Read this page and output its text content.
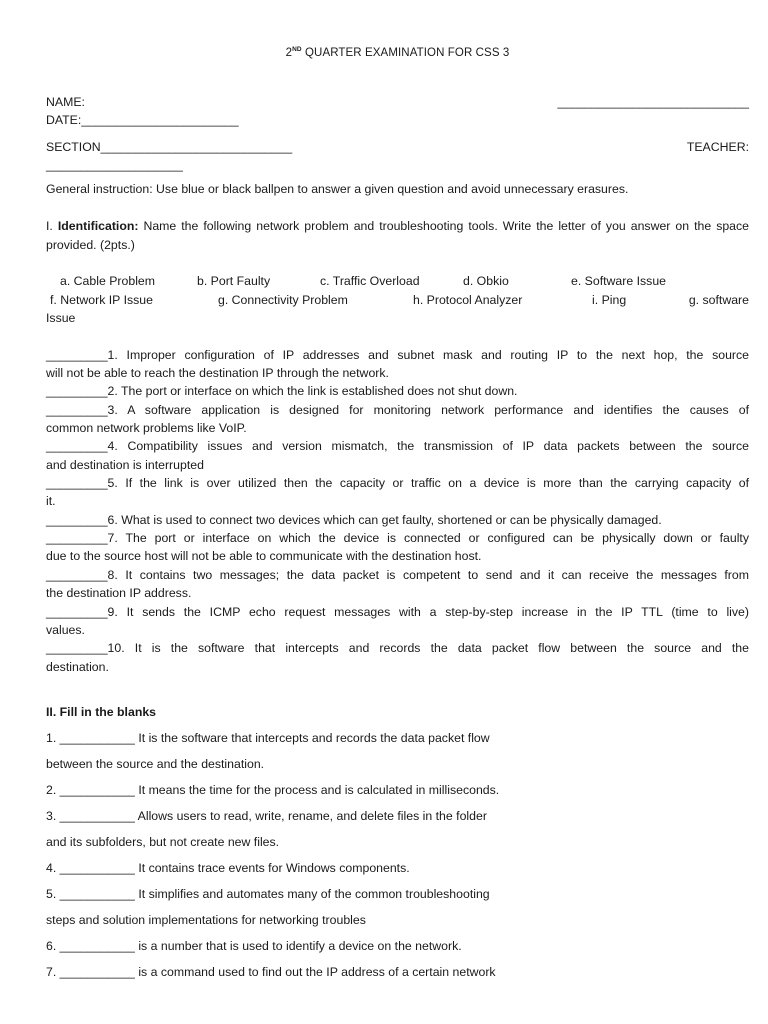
2ND QUARTER EXAMINATION FOR CSS 3
NAME:	____________________________
DATE:_______________________
SECTION____________________________	TEACHER:
____________________
General instruction: Use blue or black ballpen to answer a given question and avoid unnecessary erasures.
I. Identification: Name the following network problem and troubleshooting tools. Write the letter of you answer on the space provided. (2pts.)
a. Cable Problem	b. Port Faulty	c. Traffic Overload	d. Obkio	e. Software Issue
f. Network IP Issue	g. Connectivity Problem	h. Protocol Analyzer	i. Ping	g. software
Issue
_________1. Improper configuration of IP addresses and subnet mask and routing IP to the next hop, the source
will not be able to reach the destination IP through the network.
_________2. The port or interface on which the link is established does not shut down.
_________3. A software application is designed for monitoring network performance and identifies the causes of
common network problems like VoIP.
_________4. Compatibility issues and version mismatch, the transmission of IP data packets between the source
and destination is interrupted
_________5. If the link is over utilized then the capacity or traffic on a device is more than the carrying capacity of
it.
_________6. What is used to connect two devices which can get faulty, shortened or can be physically damaged.
_________7. The port or interface on which the device is connected or configured can be physically down or faulty
due to the source host will not be able to communicate with the destination host.
_________8. It contains two messages; the data packet is competent to send and it can receive the messages from
the destination IP address.
_________9. It sends the ICMP echo request messages with a step-by-step increase in the IP TTL (time to live)
values.
_________10. It is the software that intercepts and records the data packet flow between the source and the
destination.
II. Fill in the blanks
1. ___________ It is the software that intercepts and records the data packet flow
between the source and the destination.
2. ___________ It means the time for the process and is calculated in milliseconds.
3. ___________ Allows users to read, write, rename, and delete files in the folder
and its subfolders, but not create new files.
4. ___________ It contains trace events for Windows components.
5. ___________ It simplifies and automates many of the common troubleshooting
steps and solution implementations for networking troubles
6. ___________ is a number that is used to identify a device on the network.
7. ___________ is a command used to find out the IP address of a certain network
